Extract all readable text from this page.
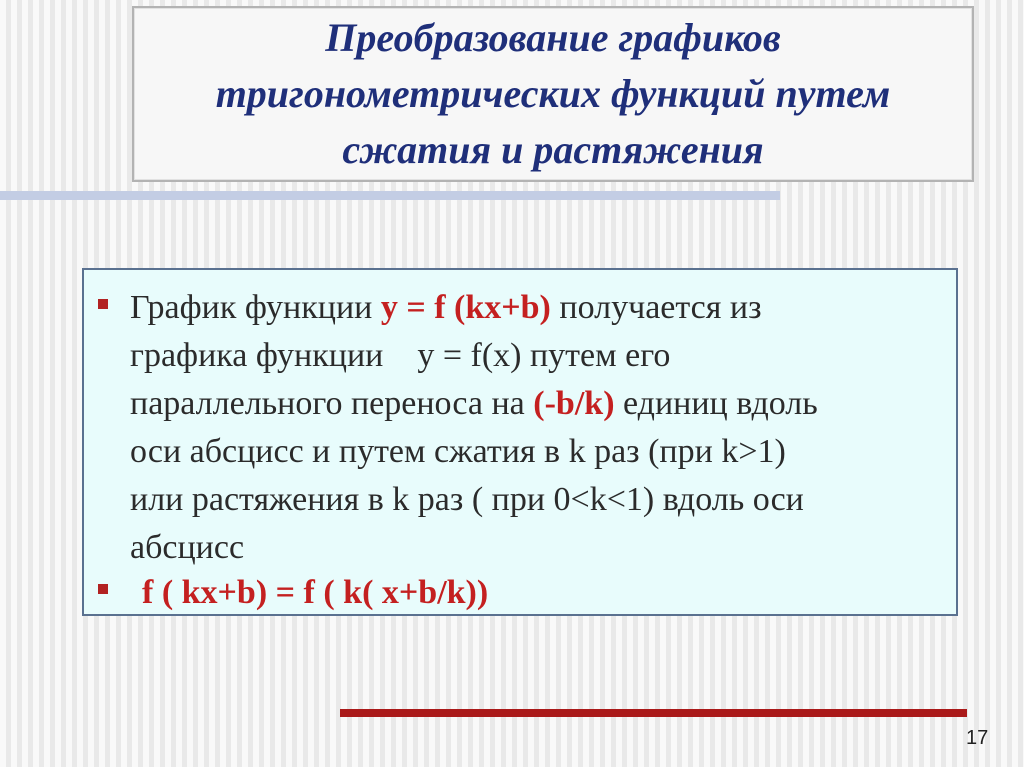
Преобразование графиков
тригонометрических функций путем
сжатия и растяжения
График функции y = f (kx+b) получается из
графика функции    y = f(x) путем его
параллельного переноса на (-b/k) единиц вдоль
оси абсцисс и путем сжатия в k раз (при k>1)
или растяжения в k раз ( при 0<k<1) вдоль оси
абсцисс
f ( kx+b) = f ( k( x+b/k))
17
